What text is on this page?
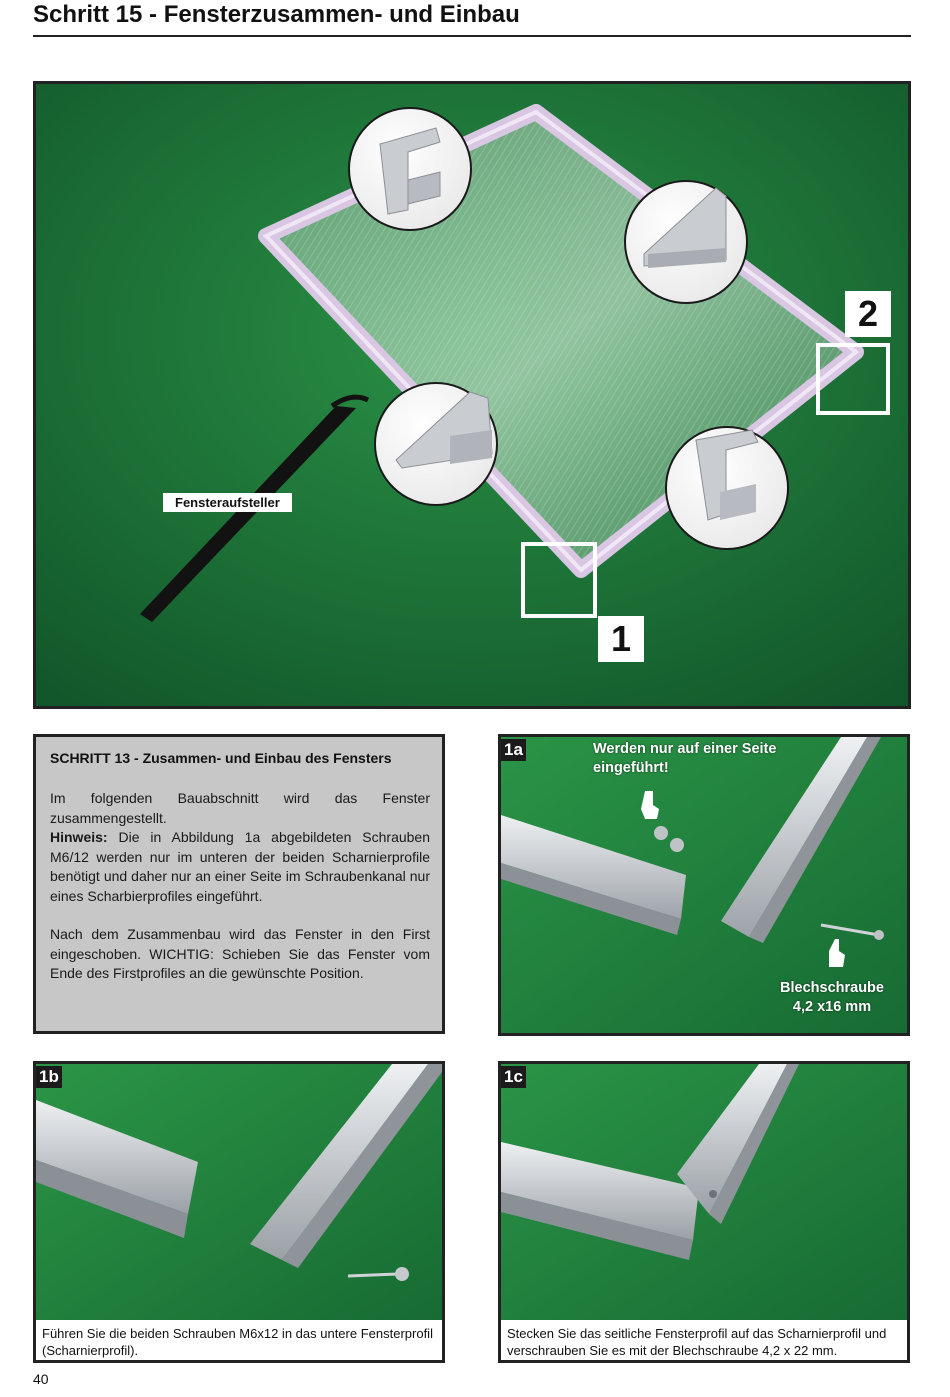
Schritt 15 - Fensterzusammen- und Einbau
Fensteraufsteller
1
2
SCHRITT 13 - Zusammen- und Einbau des Fensters

Im folgenden Bauabschnitt wird das Fenster zusammengestellt.
Hinweis: Die in Abbildung 1a abgebildeten Schrauben M6/12 werden nur im unteren der beiden Scharnierprofile benötigt und daher nur an einer Seite im Schraubenkanal nur eines Scharbierprofiles eingeführt.

Nach dem Zusammenbau wird das Fenster in den First eingeschoben. WICHTIG: Schieben Sie das Fenster vom Ende des Firstprofiles an die gewünschte Position.

1a	Werden nur auf einer Seite
eingeführt!
Blechschraube
4,2 x16 mm
1b
Führen Sie die beiden Schrauben M6x12 in das untere Fensterprofil (Scharnierprofil).
1c
Stecken Sie das seitliche Fensterprofil auf das Scharnierprofil und verschrauben Sie es mit der Blechschraube 4,2 x 22 mm.
40
